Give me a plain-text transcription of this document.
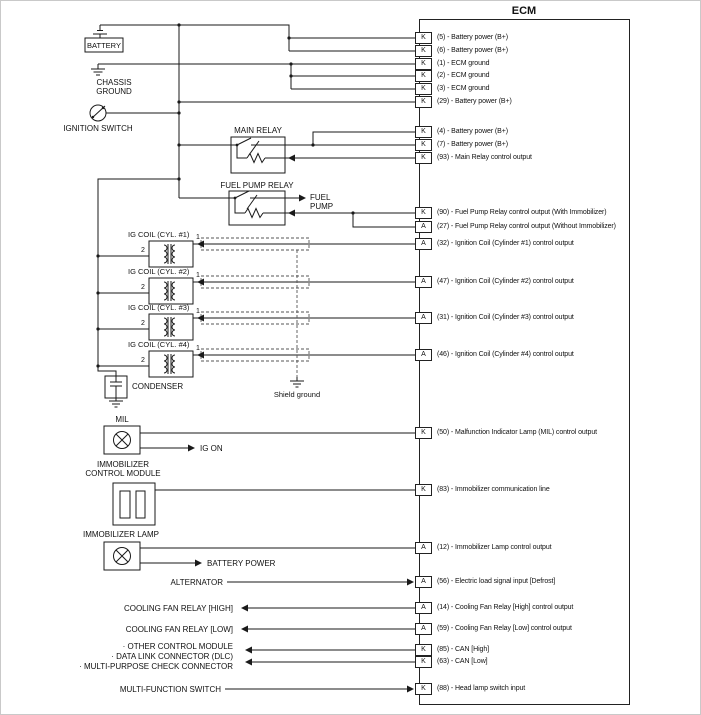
ECM
BATTERY
CHASSIS GROUND
IGNITION SWITCH	MAIN RELAY
FUEL PUMP RELAY
FUEL PUMP
IG COIL (CYL. #1)
IG COIL (CYL. #2)
IG COIL (CYL. #3)
IG COIL (CYL. #4)
1
1
1
1
2
2
2
2
CONDENSER
Shield ground
MIL
IG ON
IMMOBILIZER CONTROL MODULE
IMMOBILIZER LAMP
BATTERY POWER
ALTERNATOR
COOLING FAN RELAY [HIGH]
COOLING FAN RELAY [LOW]
· OTHER CONTROL MODULE
· DATA LINK CONNECTOR (DLC)
· MULTI-PURPOSE CHECK CONNECTOR
MULTI-FUNCTION SWITCH
K	(5) - Battery power (B+)
K	(6) - Battery power (B+)
K	(1) - ECM ground
K	(2) - ECM ground
K	(3) - ECM ground
K	(29) - Battery power (B+)
K	(4) - Battery power (B+)
K	(7) - Battery power (B+)
K	(93) - Main Relay control output
K	(90) - Fuel Pump Relay control output (With Immobilizer)
A	(27) - Fuel Pump Relay control output (Without Immobilizer)
A	(32) - Ignition Coil (Cylinder #1) control output
A	(47) - Ignition Coil (Cylinder #2) control output
A	(31) - Ignition Coil (Cylinder #3) control output
A	(46) - Ignition Coil (Cylinder #4) control output
K	(50) - Malfunction Indicator Lamp (MIL) control output
K	(83) - Immobilizer communication line
A	(12) - Immobilizer Lamp control output
A	(56) - Electric load signal input [Defrost]
A	(14) - Cooling Fan Relay [High] control output
A	(59) - Cooling Fan Relay [Low] control output
K	(85) - CAN [High]
K	(63) - CAN [Low]
K	(88) - Head lamp switch input
